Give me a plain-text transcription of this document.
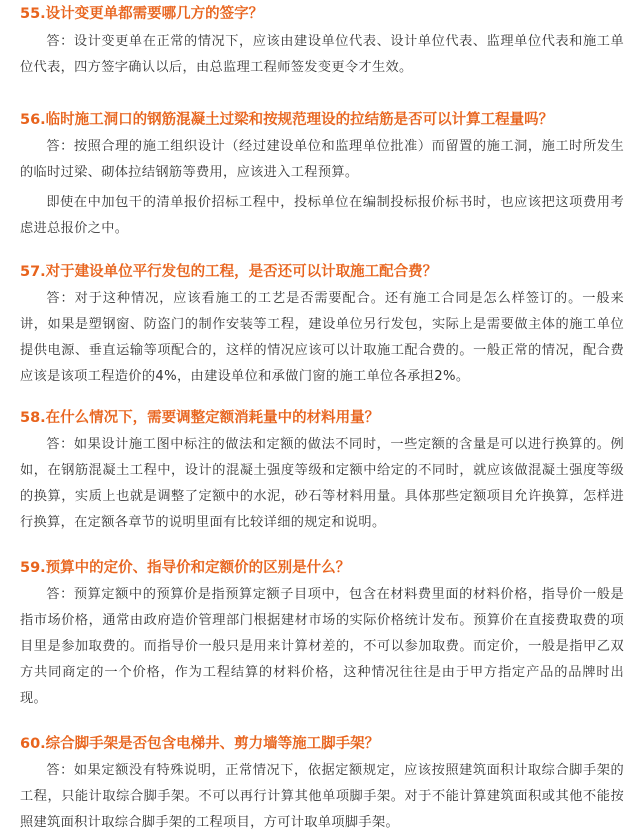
55.设计变更单都需要哪几方的签字？

答：设计变更单在正常的情况下，应该由建设单位代表、设计单位代表、监理单位代表和施工单位代表，四方签字确认以后，由总监理工程师签发变更令才生效。

56.临时施工洞口的钢筋混凝土过梁和按规范理设的拉结筋是否可以计算工程量吗？

答：按照合理的施工组织设计（经过建设单位和监理单位批准）而留置的施工洞，施工时所发生的临时过梁、砌体拉结钢筋等费用，应该进入工程预算。

即使在中加包干的清单报价招标工程中，投标单位在编制投标报价标书时，也应该把这项费用考虑进总报价之中。

57.对于建设单位平行发包的工程，是否还可以计取施工配合费？

答：对于这种情况，应该看施工的工艺是否需要配合。还有施工合同是怎么样签订的。一般来讲，如果是塑钢窗、防盗门的制作安装等工程，建设单位另行发包，实际上是需要做主体的施工单位提供电源、垂直运输等项配合的，这样的情况应该可以计取施工配合费的。一般正常的情况，配合费应该是该项工程造价的4%，由建设单位和承做门窗的施工单位各承担2%。

58.在什么情况下，需要调整定额消耗量中的材料用量？

答：如果设计施工图中标注的做法和定额的做法不同时，一些定额的含量是可以进行换算的。例如，在钢筋混凝土工程中，设计的混凝土强度等级和定额中给定的不同时，就应该做混凝土强度等级的换算，实质上也就是调整了定额中的水泥，砂石等材料用量。具体那些定额项目允许换算，怎样进行换算，在定额各章节的说明里面有比较详细的规定和说明。

59.预算中的定价、指导价和定额价的区别是什么？

答：预算定额中的预算价是指预算定额子目项中，包含在材料费里面的材料价格，指导价一般是指市场价格，通常由政府造价管理部门根据建材市场的实际价格统计发布。预算价在直接费取费的项目里是参加取费的。而指导价一般只是用来计算材差的，不可以参加取费。而定价，一般是指甲乙双方共同商定的一个价格，作为工程结算的材料价格，这种情况往往是由于甲方指定产品的品牌时出现。

60.综合脚手架是否包含电梯井、剪力墙等施工脚手架？

答：如果定额没有特殊说明，正常情况下，依据定额规定，应该按照建筑面积计取综合脚手架的工程，只能计取综合脚手架。不可以再行计算其他单项脚手架。对于不能计算建筑面积或其他不能按照建筑面积计取综合脚手架的工程项目，方可计取单项脚手架。
